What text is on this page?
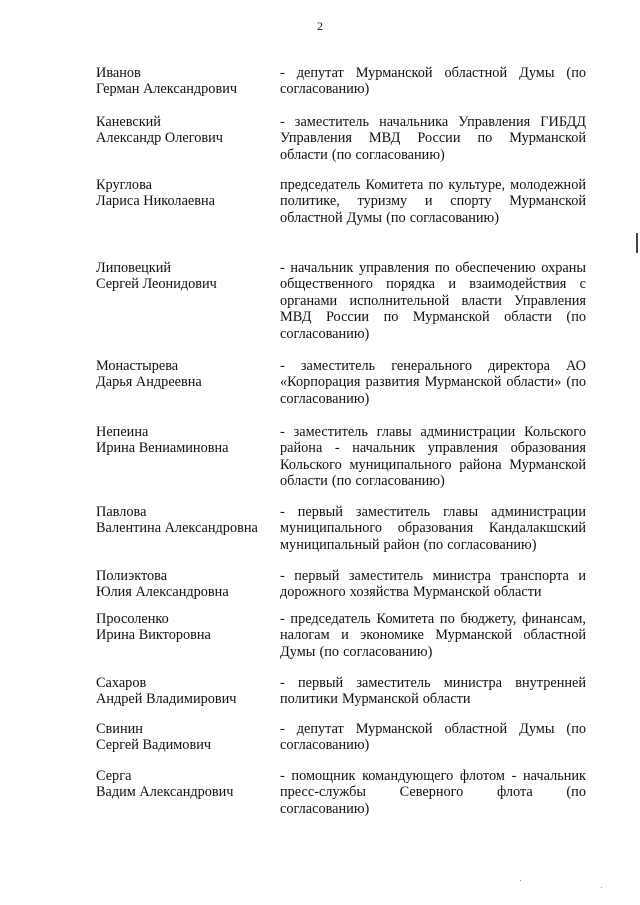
2
Иванов
Герман Александрович
- депутат Мурманской областной Думы (по согласованию)
Каневский
Александр Олегович
- заместитель начальника Управления ГИБДД Управления МВД России по Мурманской области (по согласованию)
Круглова
Лариса Николаевна
председатель Комитета по культуре, молодежной политике, туризму и спорту Мурманской областной Думы (по согласованию)
Липовецкий
Сергей Леонидович
- начальник управления по обеспечению охраны общественного порядка и взаимодействия с органами исполнительной власти Управления МВД России по Мурманской области (по согласованию)
Монастырева
Дарья Андреевна
- заместитель генерального директора АО «Корпорация развития Мурманской области» (по согласованию)
Непеина
Ирина Вениаминовна
- заместитель главы администрации Кольского района - начальник управления образования Кольского муниципального района Мурманской области (по согласованию)
Павлова
Валентина Александровна
- первый заместитель главы администрации муниципального образования Кандалакшский муниципальный район (по согласованию)
Полиэктова
Юлия Александровна
- первый заместитель министра транспорта и дорожного хозяйства Мурманской области
Просоленко
Ирина Викторовна
- председатель Комитета по бюджету, финансам, налогам и экономике Мурманской областной Думы (по согласованию)
Сахаров
Андрей Владимирович
- первый заместитель министра внутренней политики Мурманской области
Свинин
Сергей Вадимович
- депутат Мурманской областной Думы (по согласованию)
Серга
Вадим Александрович
- помощник командующего флотом - начальник пресс-службы Северного флота (по согласованию)
